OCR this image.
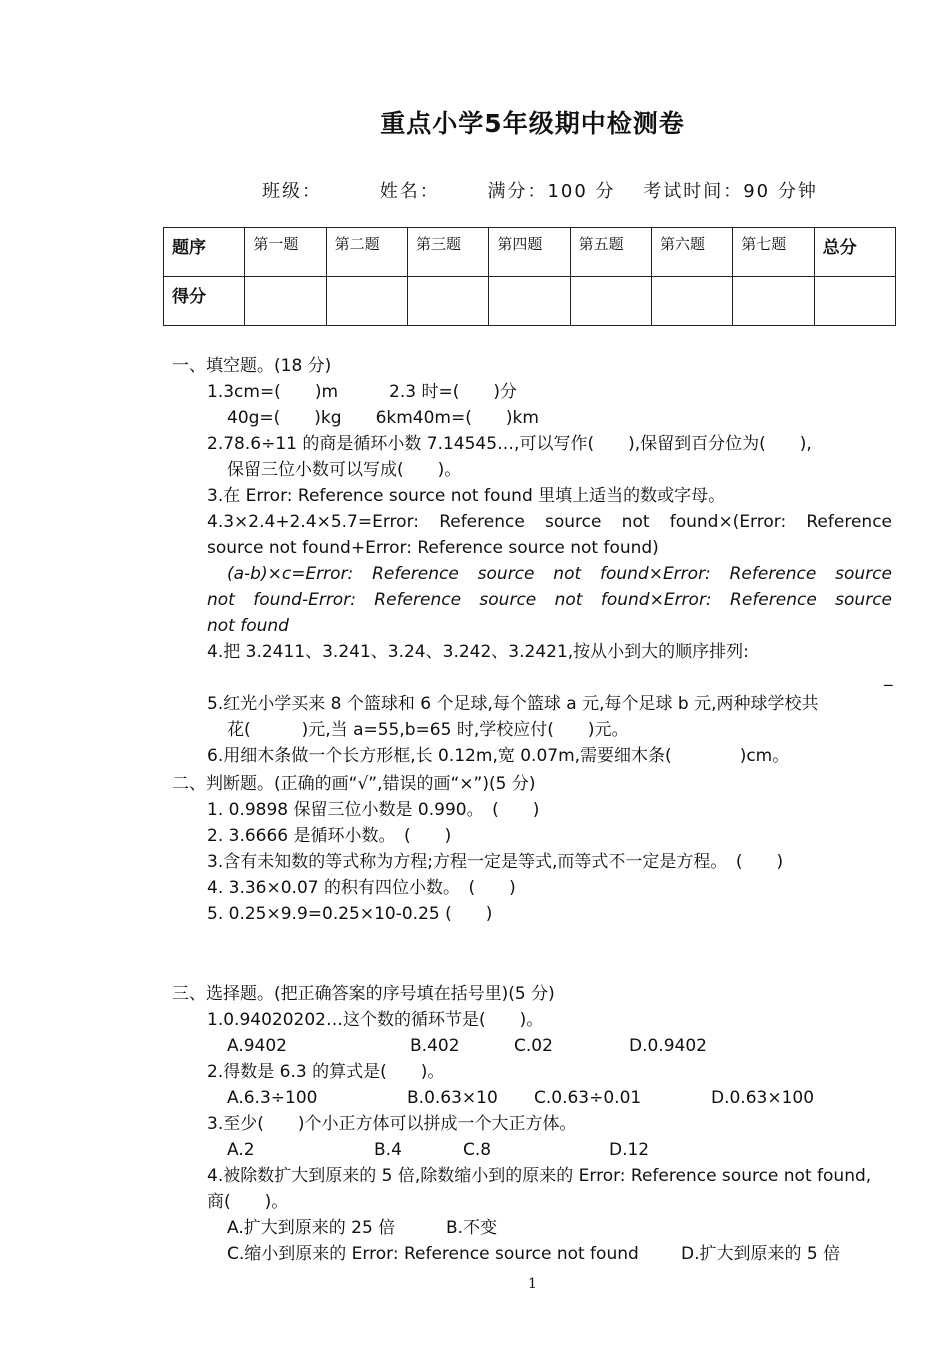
重点小学5年级期中检测卷
班级：	姓名：	满分：100 分 考试时间：90 分钟
题序	第一题	第二题	第三题	第四题	第五题	第六题	第七题	总分
得分								
一、填空题。(18 分)
1.3cm=(　　)m　　　2.3 时=(　　)分
40g=(　　)kg　　6km40m=(　　)km
2.78.6÷11 的商是循环小数 7.14545…,可以写作(　　),保留到百分位为(　　),
保留三位小数可以写成(　　)。
3.在 Error: Reference source not found 里填上适当的数或字母。
4.3×2.4+2.4×5.7=Error: Reference source not found×(Error: Reference
source not found+Error: Reference source not found)
(a-b)×c=Error: Reference source not found×Error: Reference source
not found-Error: Reference source not found×Error: Reference source
not found
4.把 3.2411、3.241、3.24、3.242、3.2421,按从小到大的顺序排列:
_
5.红光小学买来 8 个篮球和 6 个足球,每个篮球 a 元,每个足球 b 元,两种球学校共
花(　　　)元,当 a=55,b=65 时,学校应付(　　)元。
6.用细木条做一个长方形框,长 0.12m,宽 0.07m,需要细木条(　　　　)cm。
二、判断题。(正确的画“√”,错误的画“×”)(5 分)
1. 0.9898 保留三位小数是 0.990。　(　　)
2. 3.6666 是循环小数。　(　　)
3.含有未知数的等式称为方程;方程一定是等式,而等式不一定是方程。　(　　)
4. 3.36×0.07 的积有四位小数。　(　　)
5. 0.25×9.9=0.25×10-0.25 (　　)
三、选择题。(把正确答案的序号填在括号里)(5 分)
1.0.94020202…这个数的循环节是(　　)。
A.9402	B.402	C.02	D.0.9402
2.得数是 6.3 的算式是(　　)。
A.6.3÷100	B.0.63×10 C.0.63÷0.01	D.0.63×100
3.至少(　　)个小正方体可以拼成一个大正方体。
A.2	B.4	C.8	D.12
4.被除数扩大到原来的 5 倍,除数缩小到的原来的 Error: Reference source not found,
商(　　)。
A.扩大到原来的 25 倍	B.不变
C.缩小到原来的 Error: Reference source not found D.扩大到原来的 5 倍
1
